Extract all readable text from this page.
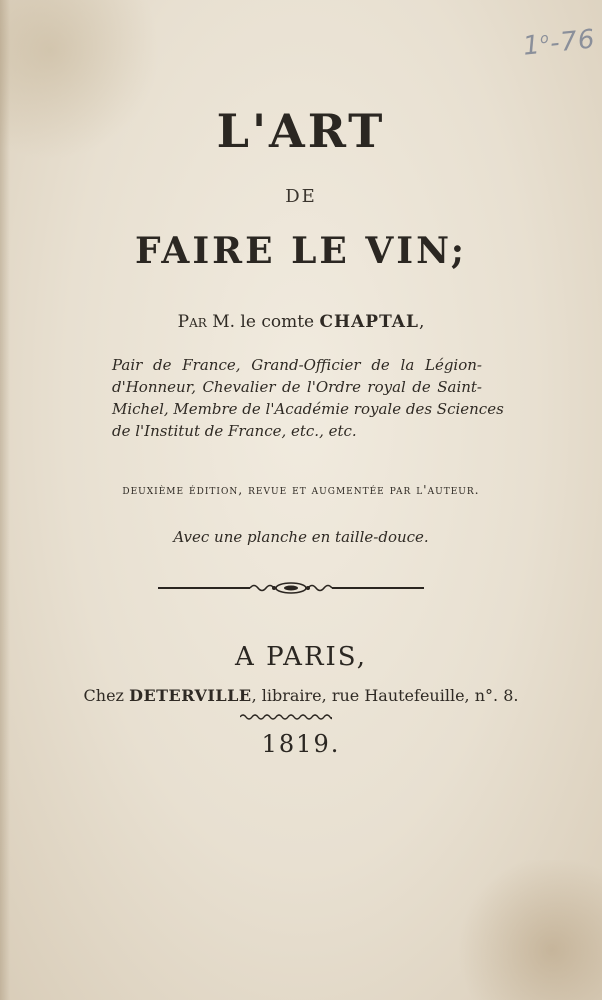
1$^o$-76
L'ART
DE
FAIRE LE VIN;
Par M. le comte CHAPTAL,
Pair de France, Grand-Officier de la Légion-
d'Honneur, Chevalier de l'Ordre royal de Saint-
Michel, Membre de l'Académie royale des Sciences
de l'Institut de France, etc., etc.
deuxième édition, revue et augmentée par l'auteur.
Avec une planche en taille-douce.
A PARIS,
Chez DETERVILLE, libraire, rue Hautefeuille, n°. 8.
1819.
